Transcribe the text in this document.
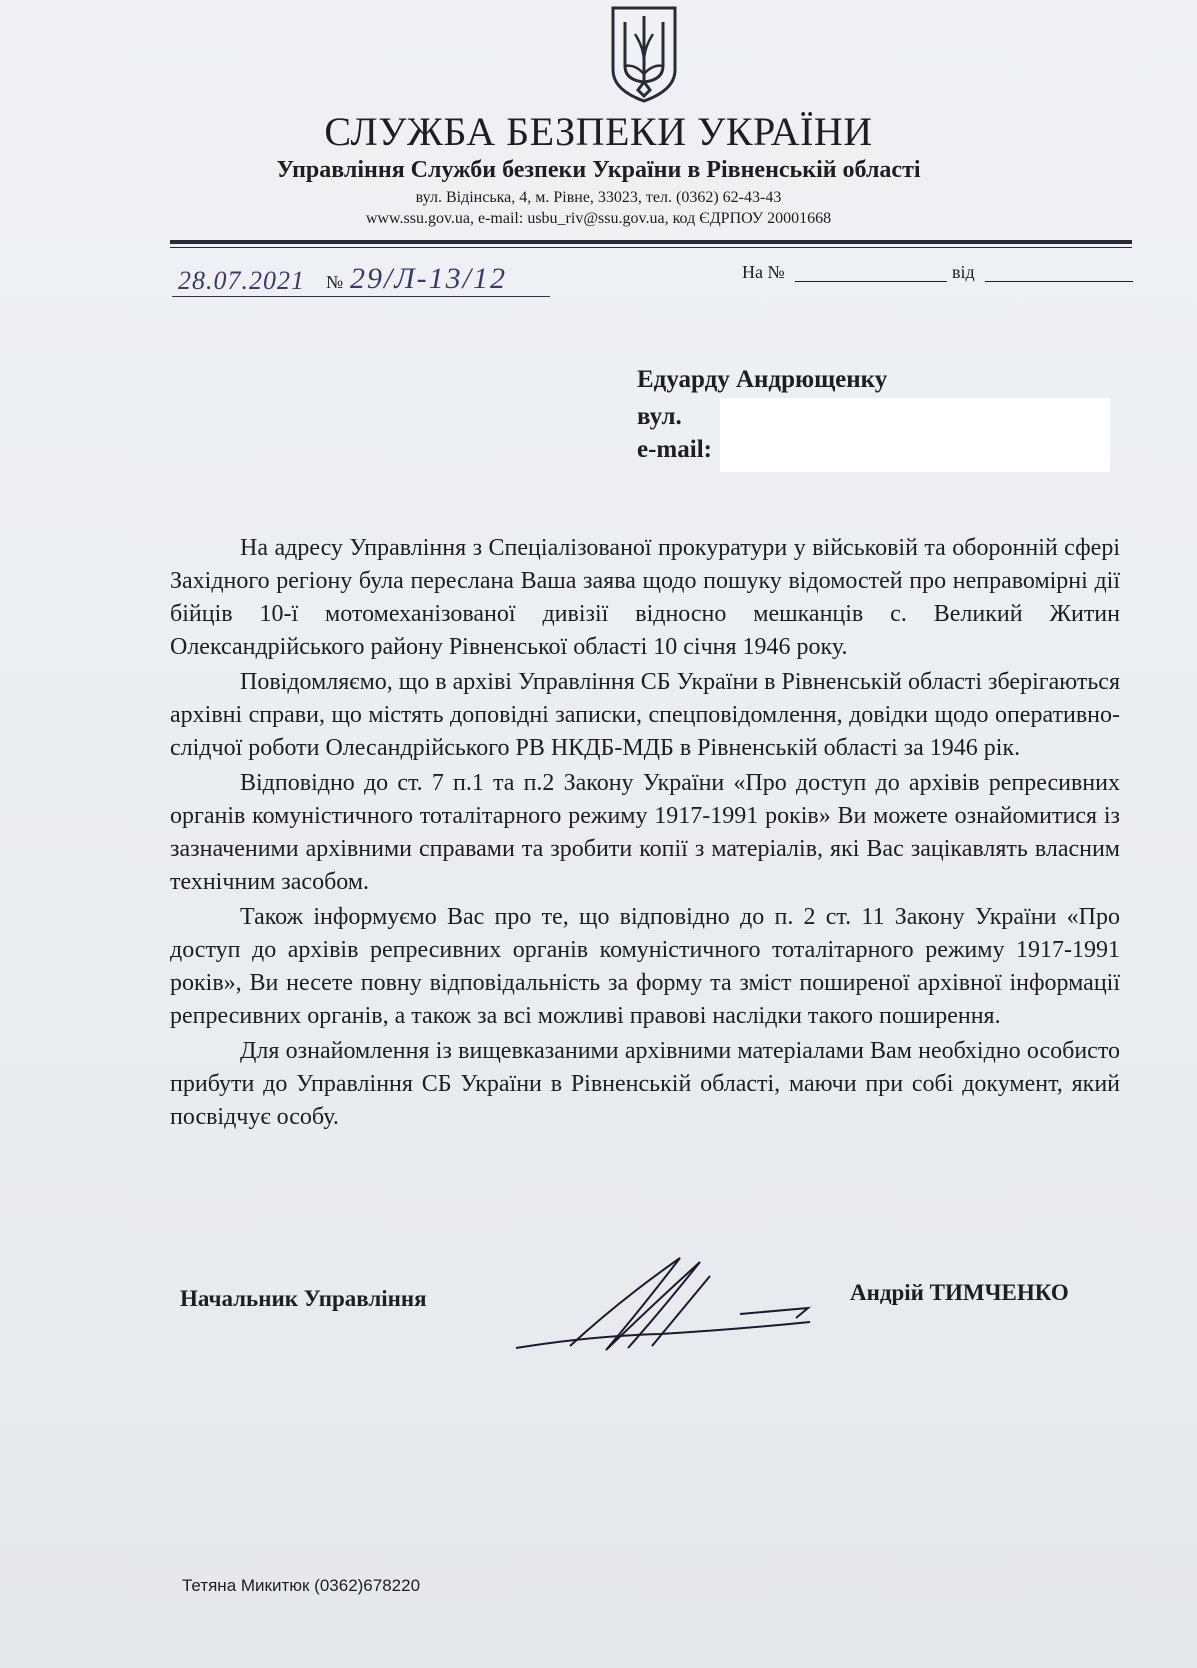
СЛУЖБА БЕЗПЕКИ УКРАЇНИ
Управління Служби безпеки України в Рівненській області
вул. Відінська, 4, м. Рівне, 33023, тел. (0362) 62-43-43
www.ssu.gov.ua, e-mail: usbu_riv@ssu.gov.ua, код ЄДРПОУ 20001668
28.07.2021 № 29/Л-13/12	На №	від
Едуарду Андрющенку
вул.
e-mail:

На адресу Управління з Спеціалізованої прокуратури у військовій та оборонній сфері Західного регіону була переслана Ваша заява щодо пошуку відомостей про неправомірні дії бійців 10-ї мотомеханізованої дивізії відносно мешканців с. Великий Житин Олександрійського району Рівненської області 10 січня 1946 року.

Повідомляємо, що в архіві Управління СБ України в Рівненській області зберігаються архівні справи, що містять доповідні записки, спецповідомлення, довідки щодо оперативно-слідчої роботи Олесандрійського РВ НКДБ-МДБ в Рівненській області за 1946 рік.

Відповідно до ст. 7 п.1 та п.2 Закону України «Про доступ до архівів репресивних органів комуністичного тоталітарного режиму 1917-1991 років» Ви можете ознайомитися із зазначеними архівними справами та зробити копії з матеріалів, які Вас зацікавлять власним технічним засобом.

Також інформуємо Вас про те, що відповідно до п. 2 ст. 11 Закону України «Про доступ до архівів репресивних органів комуністичного тоталітарного режиму 1917-1991 років», Ви несете повну відповідальність за форму та зміст поширеної архівної інформації репресивних органів, а також за всі можливі правові наслідки такого поширення.

Для ознайомлення із вищевказаними архівними матеріалами Вам необхідно особисто прибути до Управління СБ України в Рівненській області, маючи при собі документ, який посвідчує особу.

Начальник Управління	Андрій ТИМЧЕНКО
Тетяна Микитюк (0362)678220
